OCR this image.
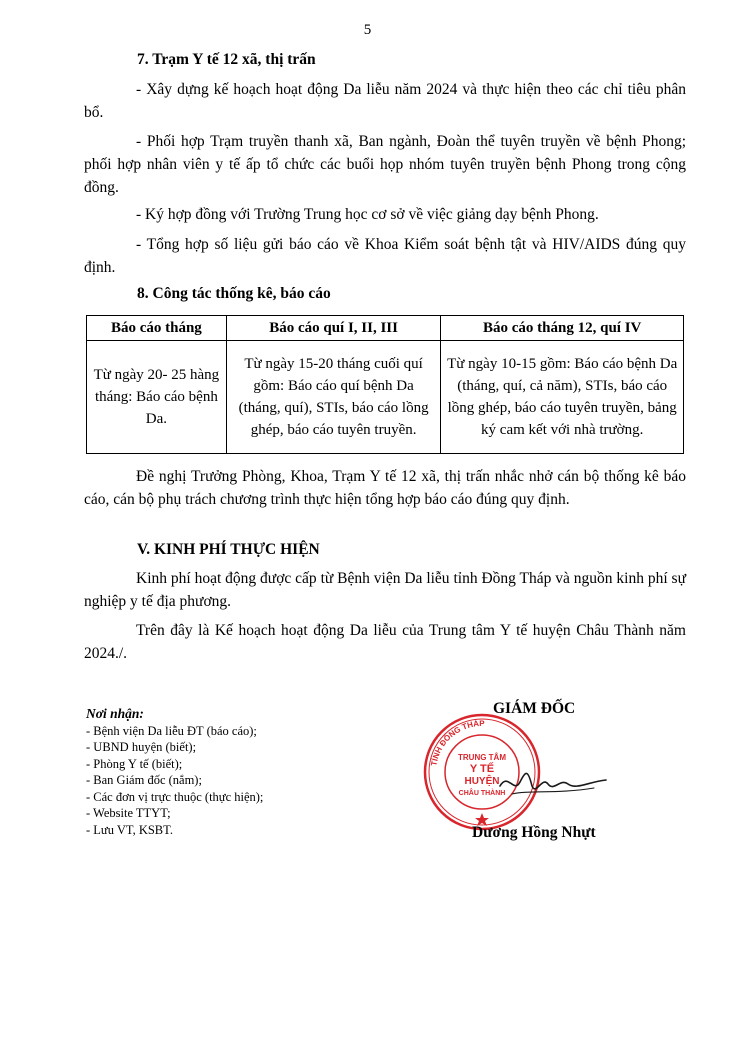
5
7. Trạm Y tế 12 xã, thị trấn
- Xây dựng kế hoạch hoạt động Da liễu năm 2024 và thực hiện theo các chỉ tiêu phân bổ.
- Phối hợp Trạm truyền thanh xã, Ban ngành, Đoàn thể tuyên truyền về bệnh Phong; phối hợp nhân viên y tế ấp tổ chức các buổi họp nhóm tuyên truyền bệnh Phong trong cộng đồng.
- Ký hợp đồng với Trường Trung học cơ sở về việc giảng dạy bệnh Phong.
- Tổng hợp số liệu gửi báo cáo về Khoa Kiểm soát bệnh tật và HIV/AIDS đúng quy định.
8. Công tác thống kê, báo cáo
Báo cáo tháng	Báo cáo quí I, II, III	Báo cáo tháng 12, quí IV
Từ ngày 20- 25 hàng tháng: Báo cáo bệnh Da.	Từ ngày 15-20 tháng cuối quí gồm: Báo cáo quí bệnh Da (tháng, quí), STIs, báo cáo lồng ghép, báo cáo tuyên truyền.	Từ ngày 10-15 gồm: Báo cáo bệnh Da (tháng, quí, cả năm), STIs, báo cáo lồng ghép, báo cáo tuyên truyền, bảng ký cam kết với nhà trường.
Đề nghị Trưởng Phòng, Khoa, Trạm Y tế 12 xã, thị trấn nhắc nhở cán bộ thống kê báo cáo, cán bộ phụ trách chương trình thực hiện tổng hợp báo cáo đúng quy định.
V. KINH PHÍ THỰC HIỆN
Kinh phí hoạt động được cấp từ Bệnh viện Da liễu tỉnh Đồng Tháp và nguồn kinh phí sự nghiệp y tế địa phương.
Trên đây là Kế hoạch hoạt động Da liễu của Trung tâm Y tế huyện Châu Thành năm 2024./.
Nơi nhận:
- Bệnh viện Da liễu ĐT (báo cáo);
- UBND huyện (biết);
- Phòng Y tế (biết);
- Ban Giám đốc (nắm);
- Các đơn vị trực thuộc (thực hiện);
- Website TTYT;
- Lưu VT, KSBT.
GIÁM ĐỐC
TỈNH ĐỒNG THÁP
TRUNG TÂM
Y TẾ
HUYỆN
CHÂU THÀNH
Dương Hồng Nhựt
